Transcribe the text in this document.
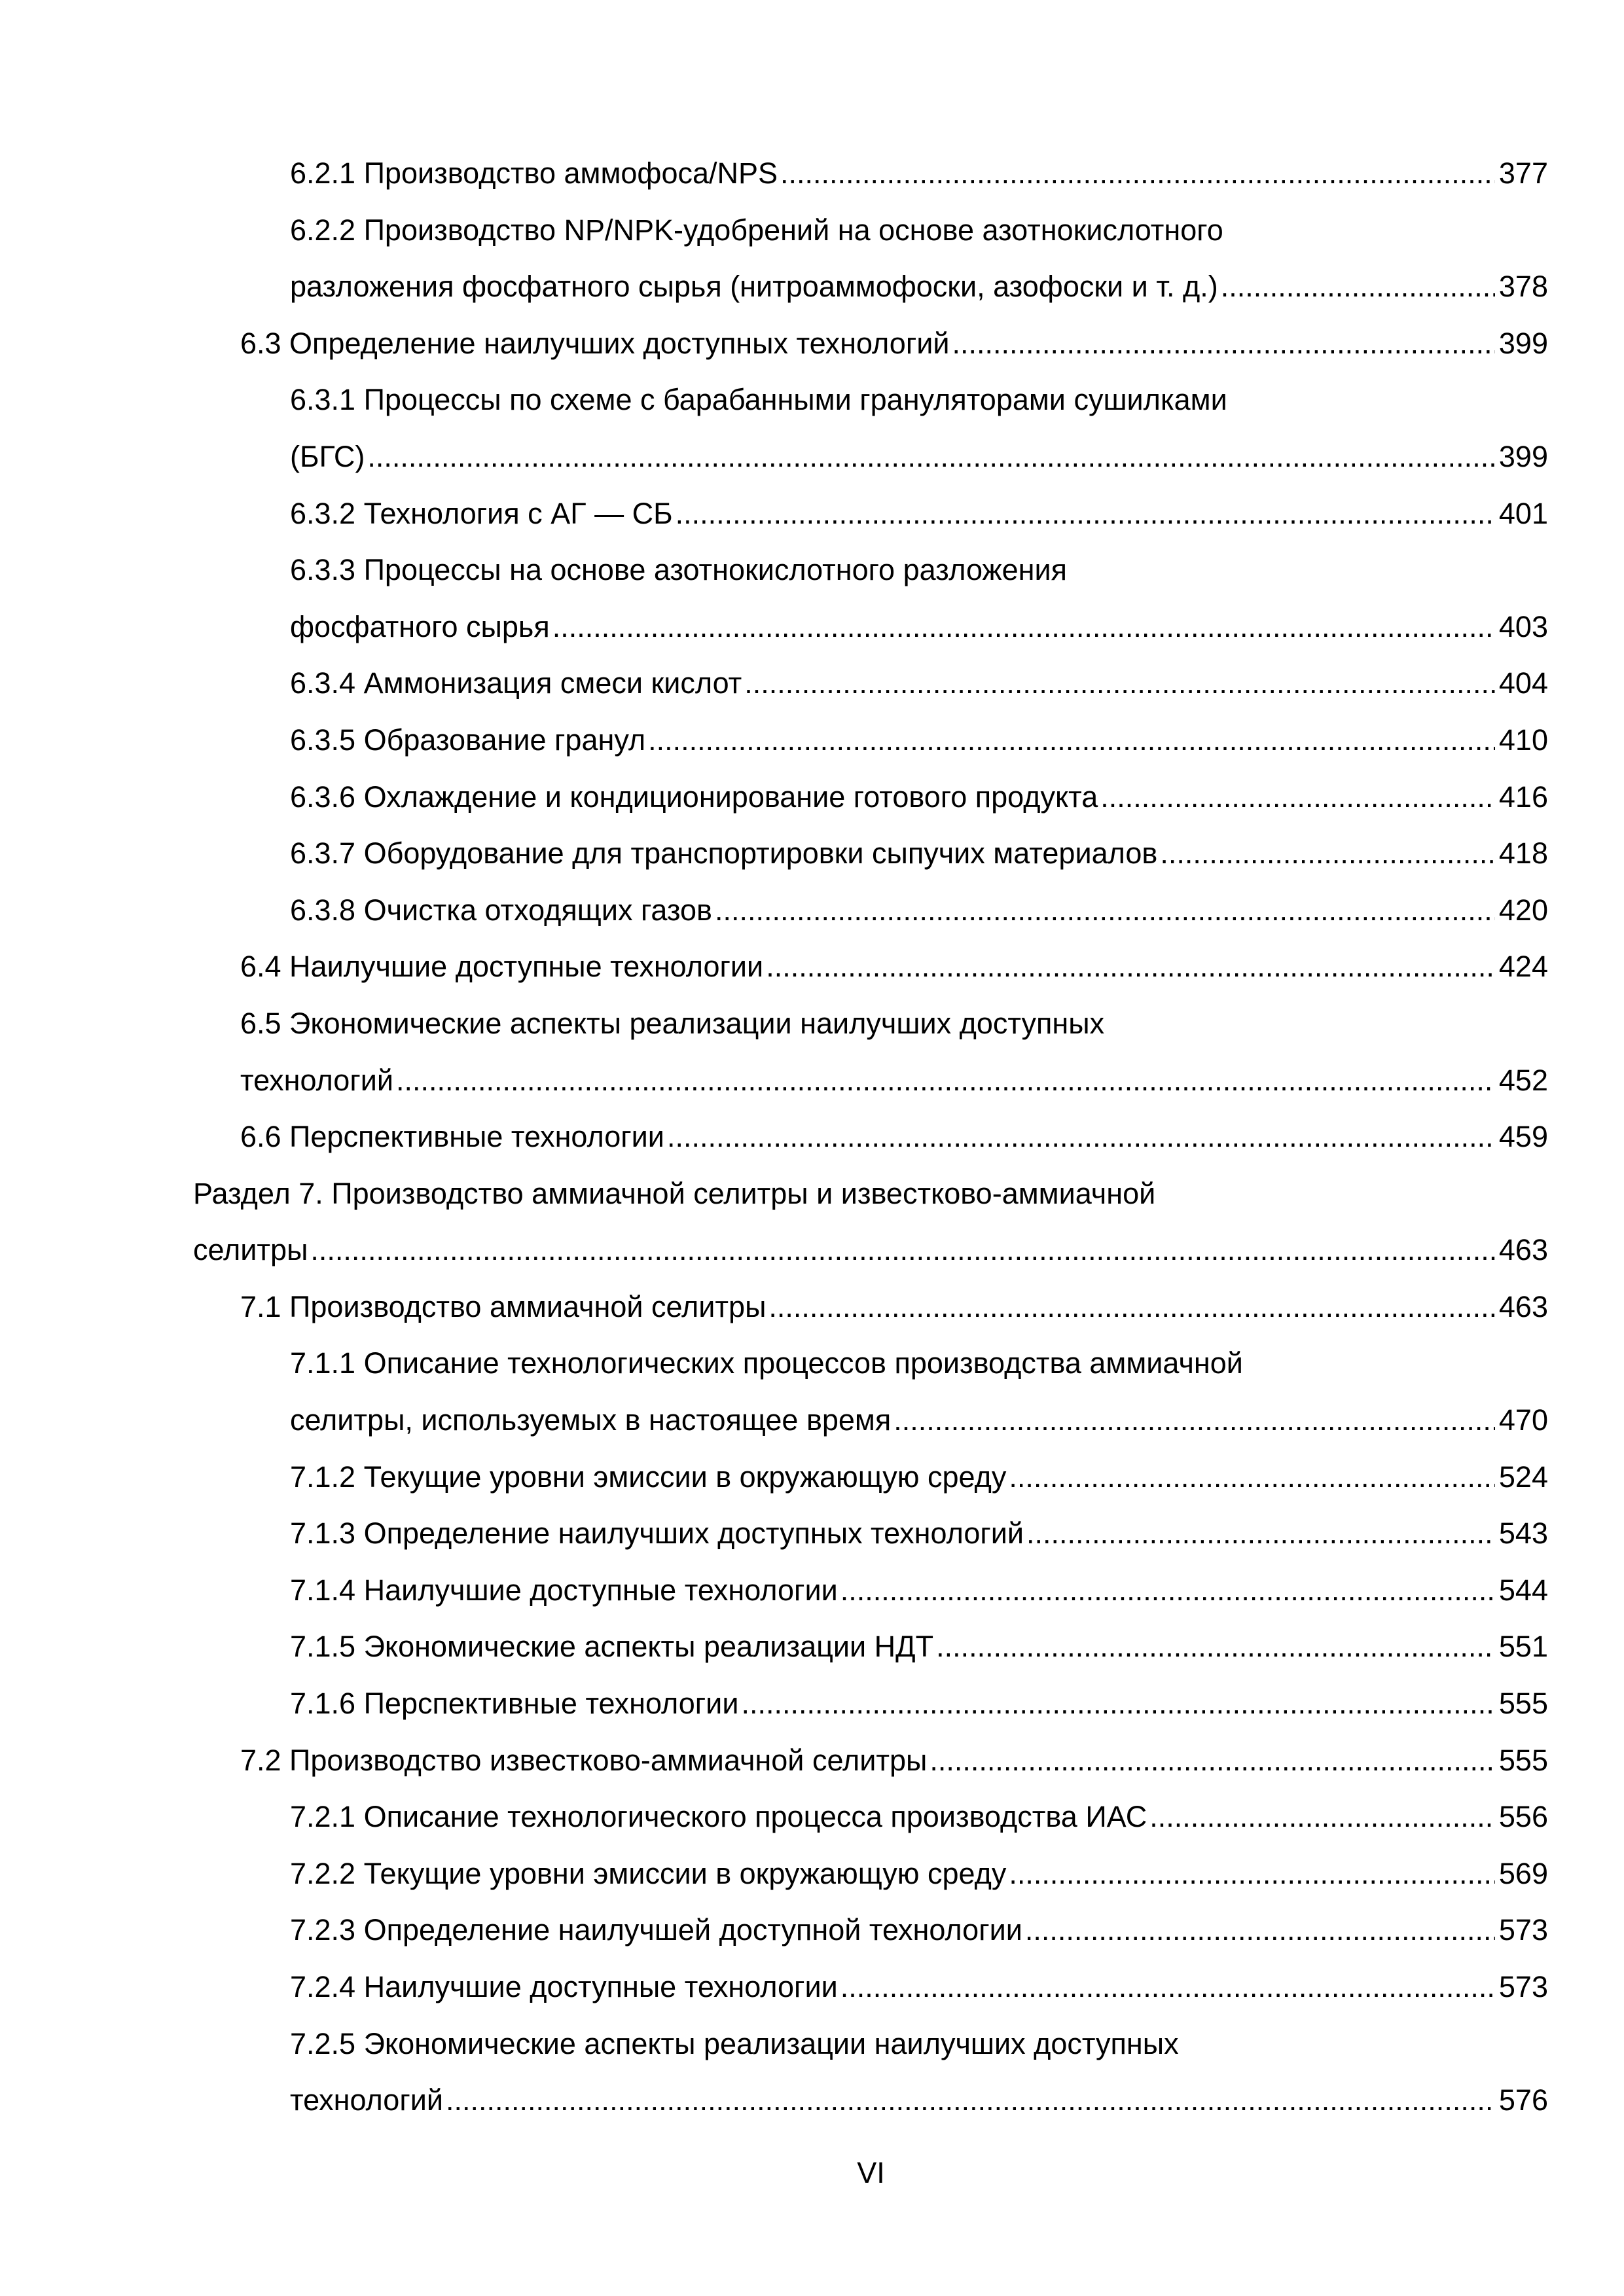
6.2.1 Производство аммофоса/NPS .....	377
6.2.2 Производство NP/NPK-удобрений на основе азотнокислотного
разложения фосфатного сырья (нитроаммофоски, азофоски и т. д.) .....	378
6.3 Определение наилучших доступных технологий .....	399
6.3.1 Процессы по схеме с барабанными грануляторами сушилками
(БГС) .....	399
6.3.2 Технология с АГ — СБ .....	401
6.3.3 Процессы на основе азотнокислотного разложения
фосфатного сырья .....	403
6.3.4 Аммонизация смеси кислот .....	404
6.3.5 Образование гранул .....	410
6.3.6 Охлаждение и кондиционирование готового продукта .....	416
6.3.7 Оборудование для транспортировки сыпучих материалов .....	418
6.3.8 Очистка отходящих газов .....	420
6.4 Наилучшие доступные технологии .....	424
6.5 Экономические аспекты реализации наилучших доступных
технологий .....	452
6.6 Перспективные технологии .....	459
Раздел 7. Производство аммиачной селитры и известково-аммиачной
селитры .....	463
7.1 Производство аммиачной селитры .....	463
7.1.1 Описание технологических процессов производства аммиачной
селитры, используемых в настоящее время .....	470
7.1.2 Текущие уровни эмиссии в окружающую среду .....	524
7.1.3 Определение наилучших доступных технологий .....	543
7.1.4 Наилучшие доступные технологии .....	544
7.1.5 Экономические аспекты реализации НДТ .....	551
7.1.6 Перспективные технологии .....	555
7.2 Производство известково-аммиачной селитры .....	555
7.2.1 Описание технологического процесса производства ИАС .....	556
7.2.2 Текущие уровни эмиссии в окружающую среду .....	569
7.2.3 Определение наилучшей доступной технологии .....	573
7.2.4 Наилучшие доступные технологии .....	573
7.2.5 Экономические аспекты реализации наилучших доступных
технологий .....	576
VI
